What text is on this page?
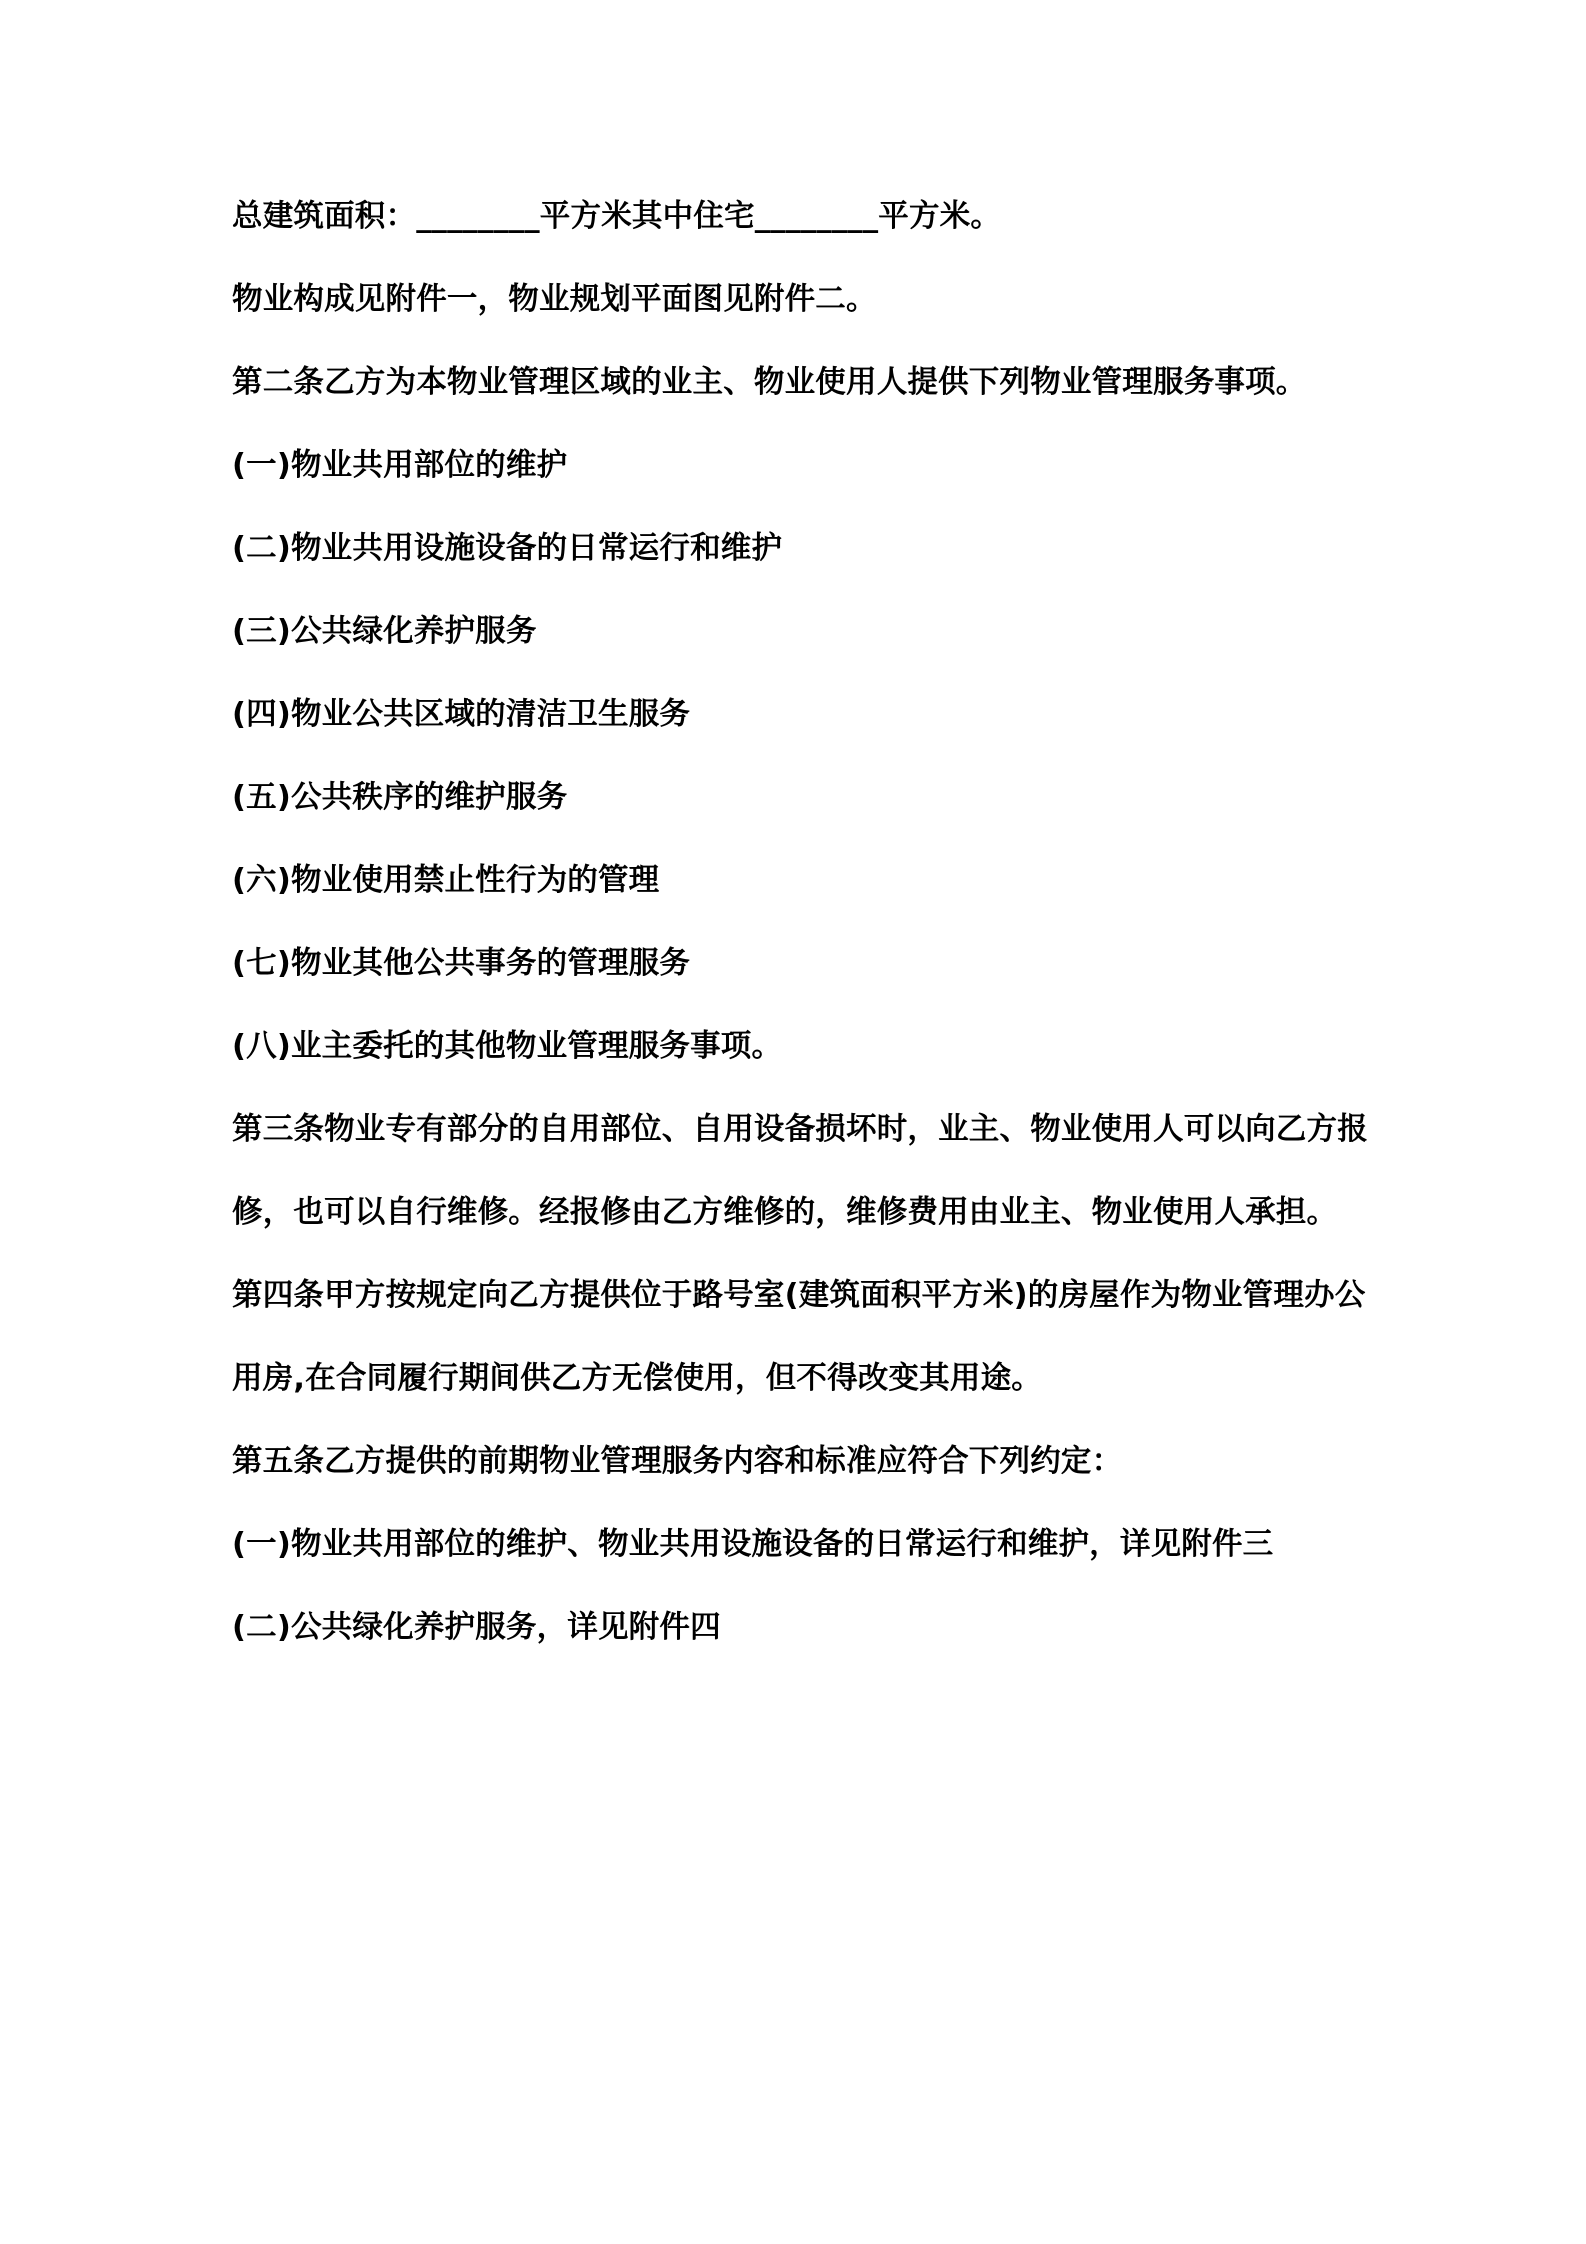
总建筑面积：________平方米其中住宅________平方米。

物业构成见附件一，物业规划平面图见附件二。

第二条乙方为本物业管理区域的业主、物业使用人提供下列物业管理服务事项。

(一)物业共用部位的维护

(二)物业共用设施设备的日常运行和维护

(三)公共绿化养护服务

(四)物业公共区域的清洁卫生服务

(五)公共秩序的维护服务

(六)物业使用禁止性行为的管理

(七)物业其他公共事务的管理服务

(八)业主委托的其他物业管理服务事项。

第三条物业专有部分的自用部位、自用设备损坏时，业主、物业使用人可以向乙方报修，也可以自行维修。经报修由乙方维修的，维修费用由业主、物业使用人承担。

第四条甲方按规定向乙方提供位于路号室(建筑面积平方米)的房屋作为物业管理办公用房,在合同履行期间供乙方无偿使用，但不得改变其用途。

第五条乙方提供的前期物业管理服务内容和标准应符合下列约定：

(一)物业共用部位的维护、物业共用设施设备的日常运行和维护，详见附件三

(二)公共绿化养护服务，详见附件四
